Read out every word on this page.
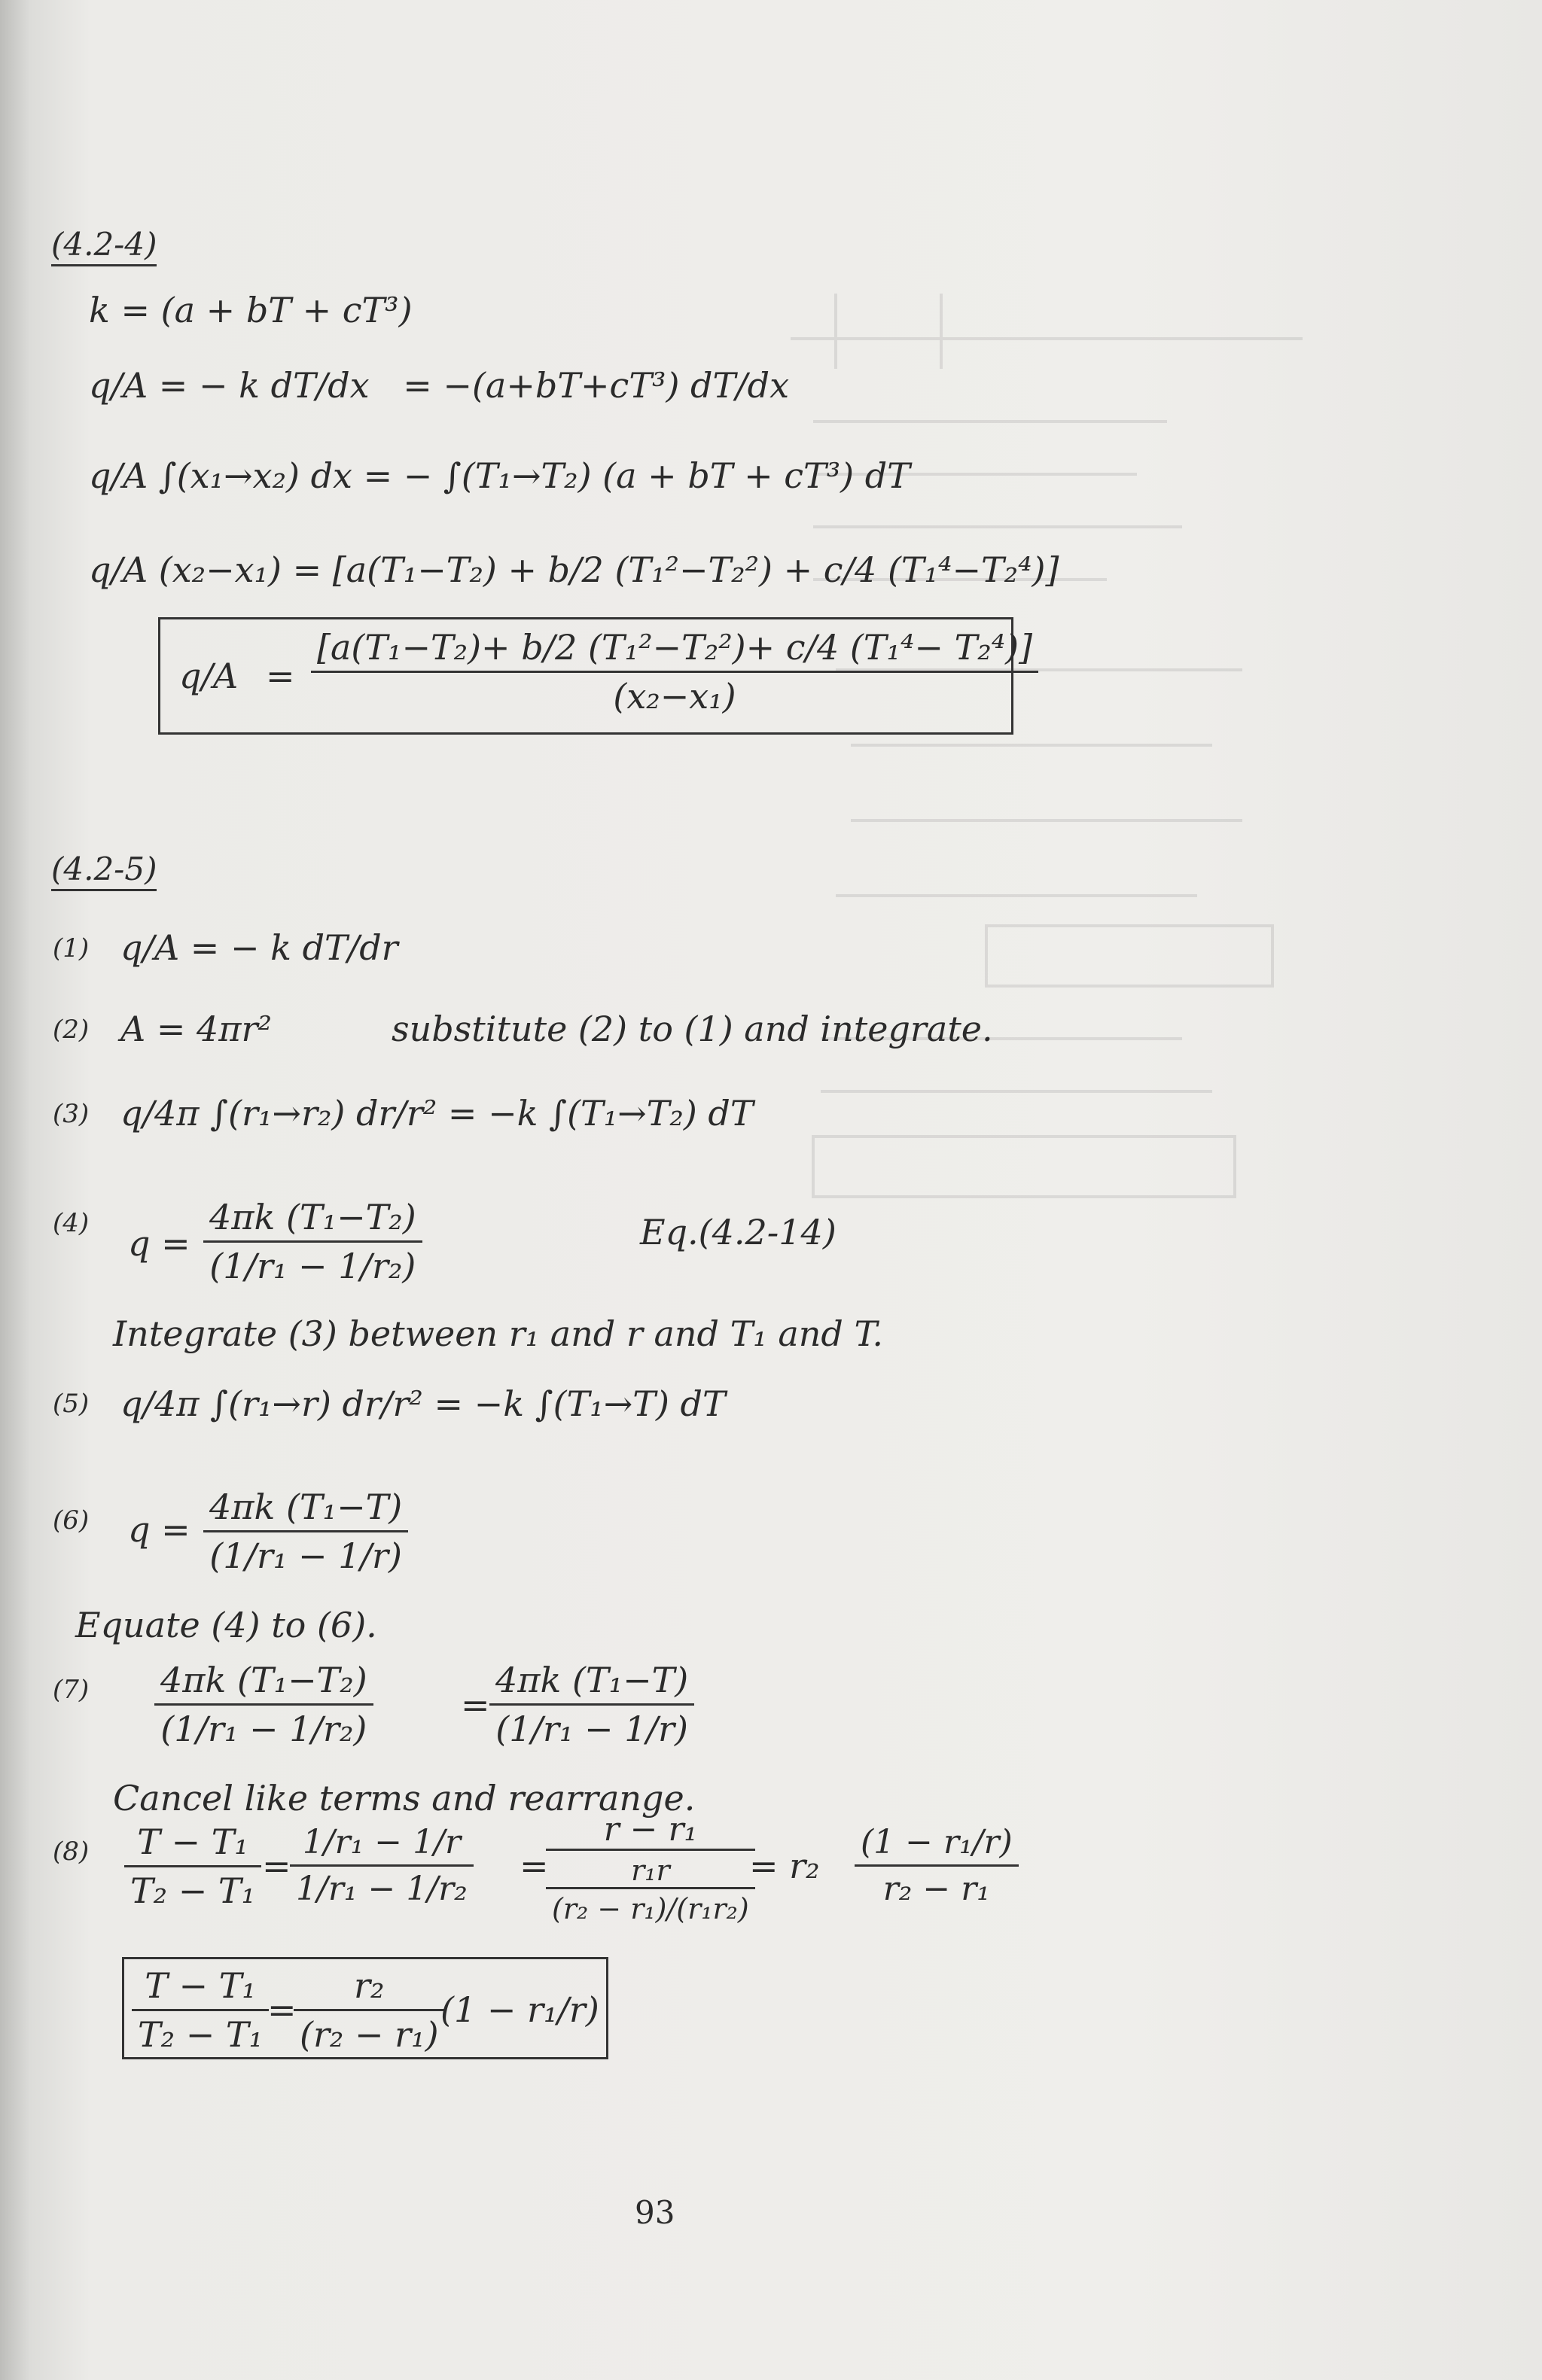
(4.2-4)
k = (a + bT + cT³)
q/A = − k dT/dx = −(a+bT+cT³) dT/dx
q/A ∫(x₁→x₂) dx = − ∫(T₁→T₂) (a + bT + cT³) dT
q/A (x₂−x₁) = [a(T₁−T₂) + b/2 (T₁²−T₂²) + c/4 (T₁⁴−T₂⁴)]
$q/A = \frac{\text{[a(T₁−T₂)+ b/2 (T₁²−T₂²)+ c/4 (T₁⁴− T₂⁴)]}}{\text{(x₂−x₁)}}$
(4.2-5)
(1) q/A = − k dT/dr
(2) A = 4πr²	substitute (2) to (1) and integrate.
(3) q/4π ∫(r₁→r₂) dr/r² = −k ∫(T₁→T₂) dT
(4) $q = \frac{\text{4πk (T₁−T₂)}}{\text{(1/r₁ − 1/r₂)}}$	Eq.(4.2-14)
Integrate (3) between r₁ and r and T₁ and T.
(5) q/4π ∫(r₁→r) dr/r² = −k ∫(T₁→T) dT
(6) $q = \frac{\text{4πk (T₁−T)}}{\text{(1/r₁ − 1/r)}}$
Equate (4) to (6).
$(7) \frac{\text{4πk (T₁−T₂)}}{\text{(1/r₁ − 1/r₂)}}$	= $\frac{\text{4πk (T₁−T)}}{\text{(1/r₁ − 1/r)}}$
Cancel like terms and rearrange.
$(8) \frac{\text{T − T₁}}{\text{T₂ − T₁}}$ =
$\frac{\text{1/r₁ − 1/r}}{\text{1/r₁ − 1/r₂}}$ =
r − r₁
r₁r
(r₂ − r₁)/(r₁r₂)
= $r_2 \frac{\text{(1 − r₁/r)}}{\text{r₂ − r₁}}$
$\frac{\text{T − T₁}}{\text{T₂ − T₁}}$
=
$\frac{\text{r₂}}{\text{(r₂ − r₁)}}$
(1 − r₁/r)
93
